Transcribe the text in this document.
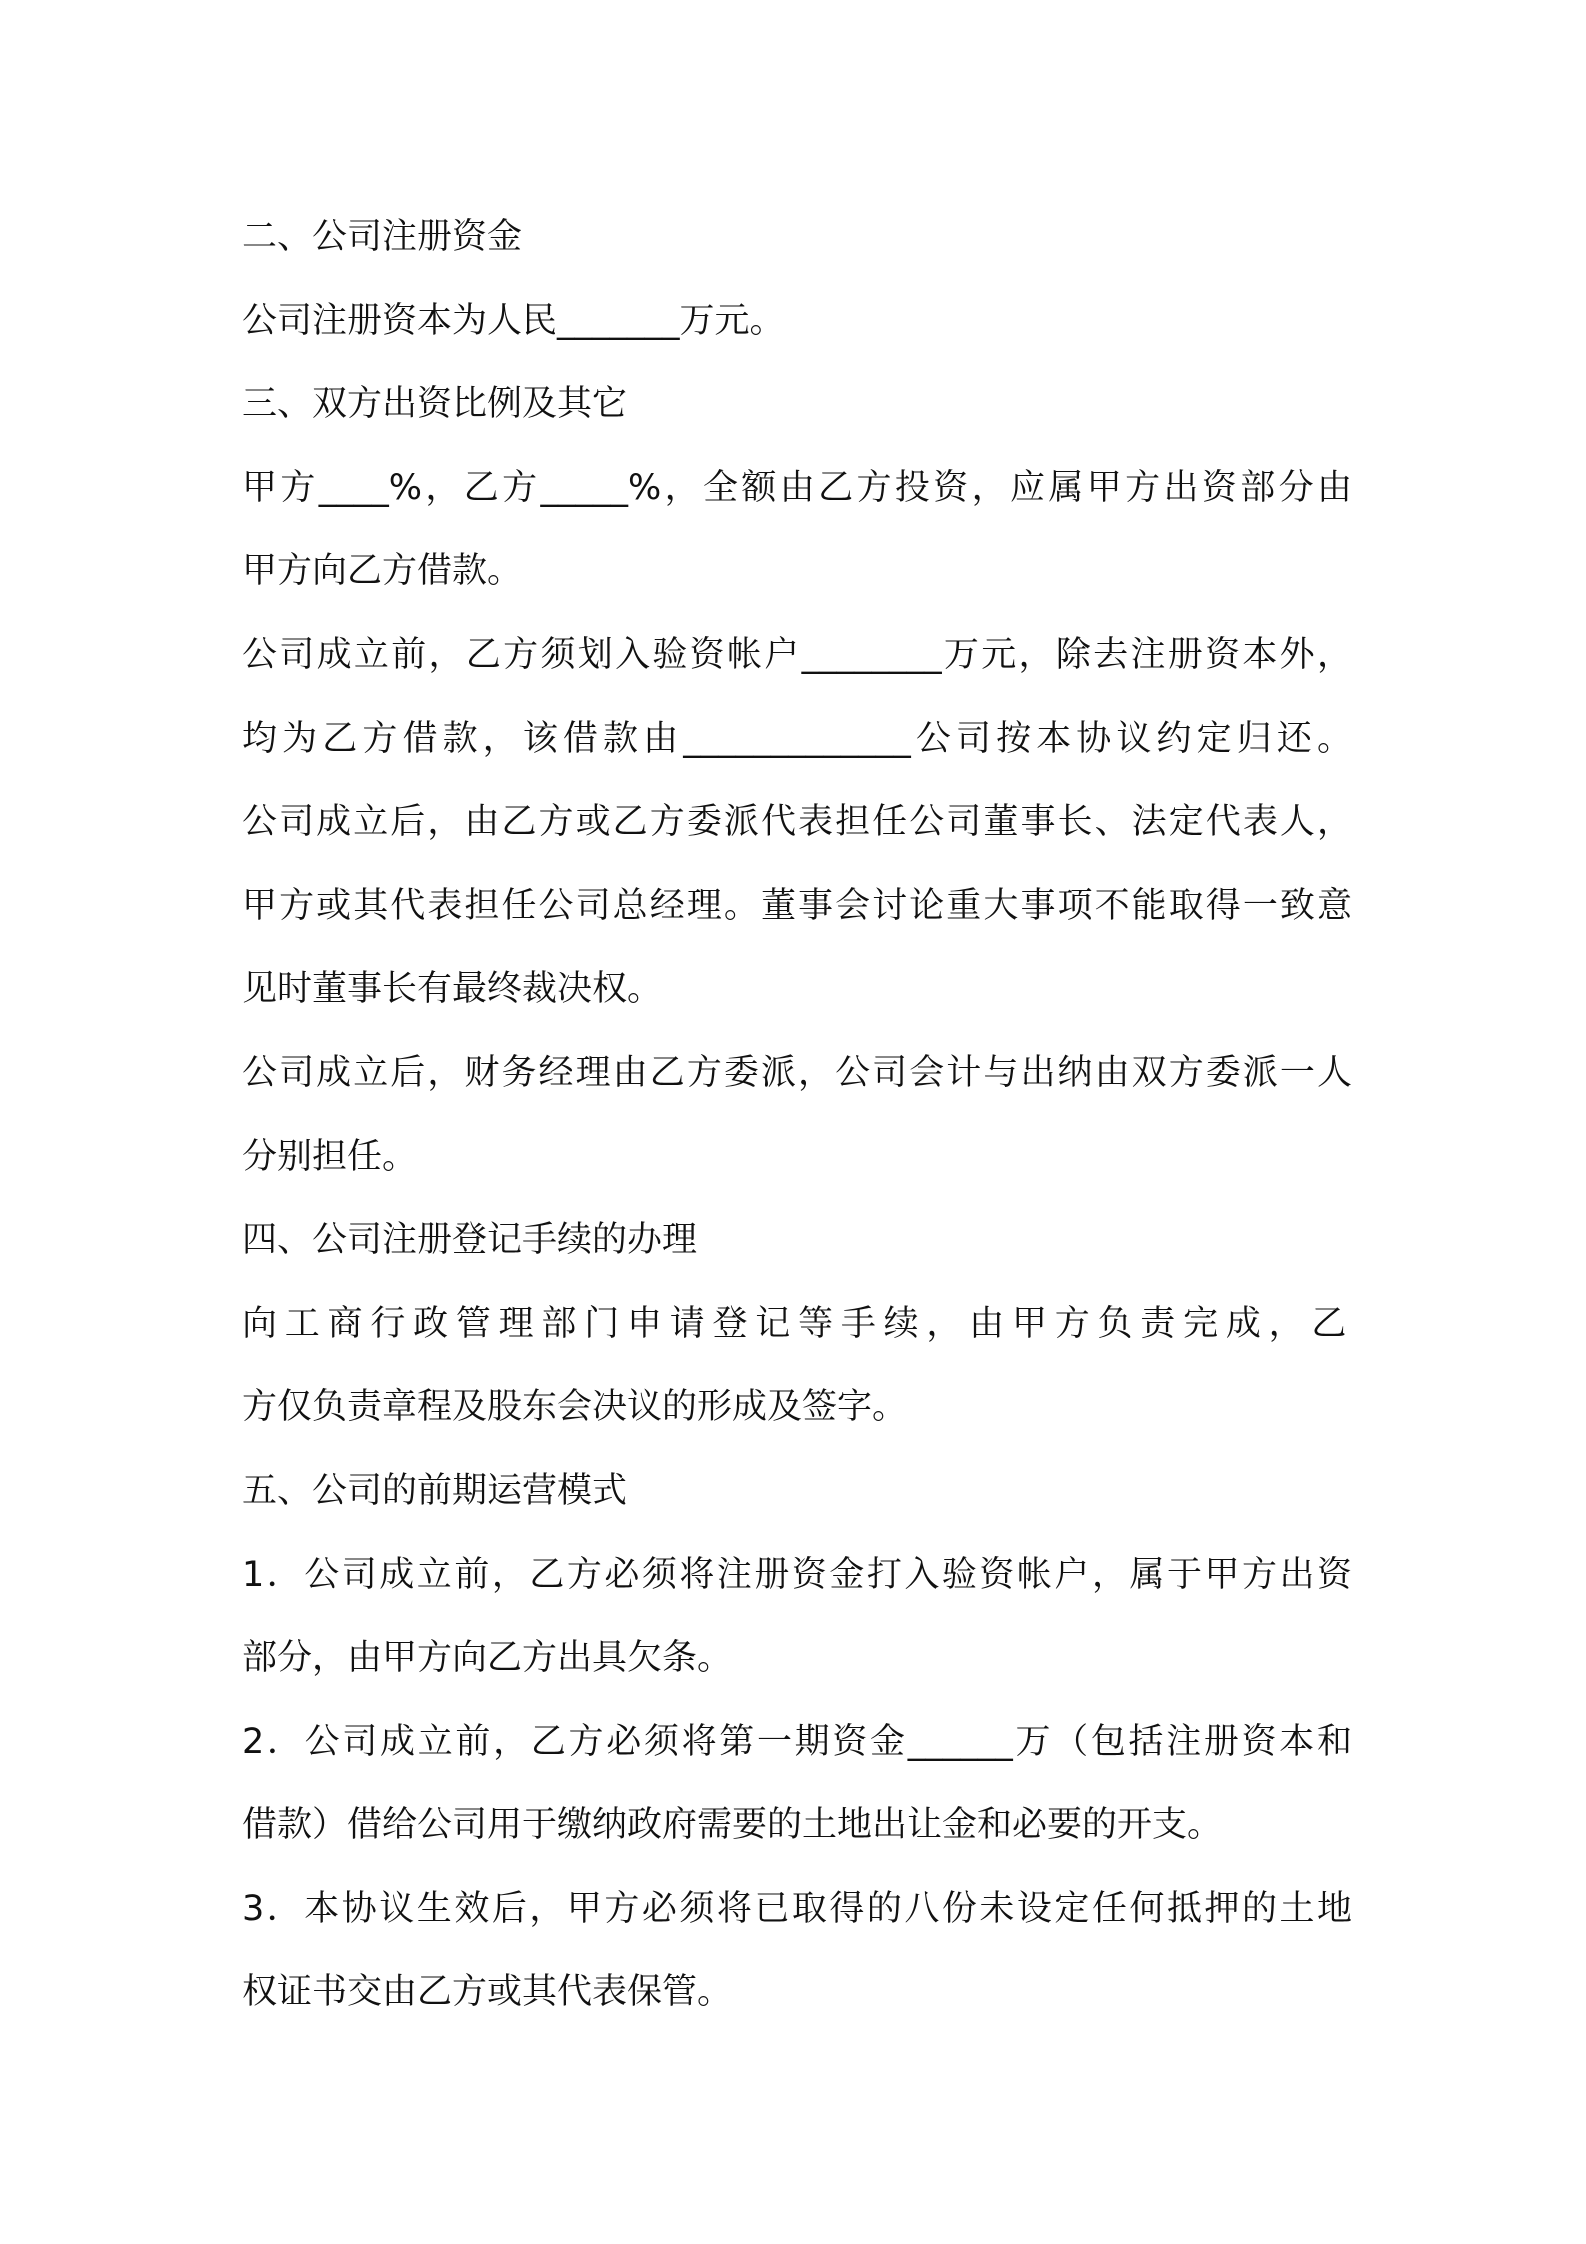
二、公司注册资金
公司注册资本为人民_______万元。
三、双方出资比例及其它
甲方____%，乙方_____%，全额由乙方投资，应属甲方出资部分由
甲方向乙方借款。
公司成立前，乙方须划入验资帐户________万元，除去注册资本外，
均为乙方借款，该借款由_____________公司按本协议约定归还。
公司成立后，由乙方或乙方委派代表担任公司董事长、法定代表人，
甲方或其代表担任公司总经理。董事会讨论重大事项不能取得一致意
见时董事长有最终裁决权。
公司成立后，财务经理由乙方委派，公司会计与出纳由双方委派一人
分别担任。
四、公司注册登记手续的办理
向工商行政管理部门申请登记等手续，由甲方负责完成，乙
方仅负责章程及股东会决议的形成及签字。
五、公司的前期运营模式
1．公司成立前，乙方必须将注册资金打入验资帐户，属于甲方出资
部分，由甲方向乙方出具欠条。
2．公司成立前，乙方必须将第一期资金______万（包括注册资本和
借款）借给公司用于缴纳政府需要的土地出让金和必要的开支。
3．本协议生效后，甲方必须将已取得的八份未设定任何抵押的土地
权证书交由乙方或其代表保管。
